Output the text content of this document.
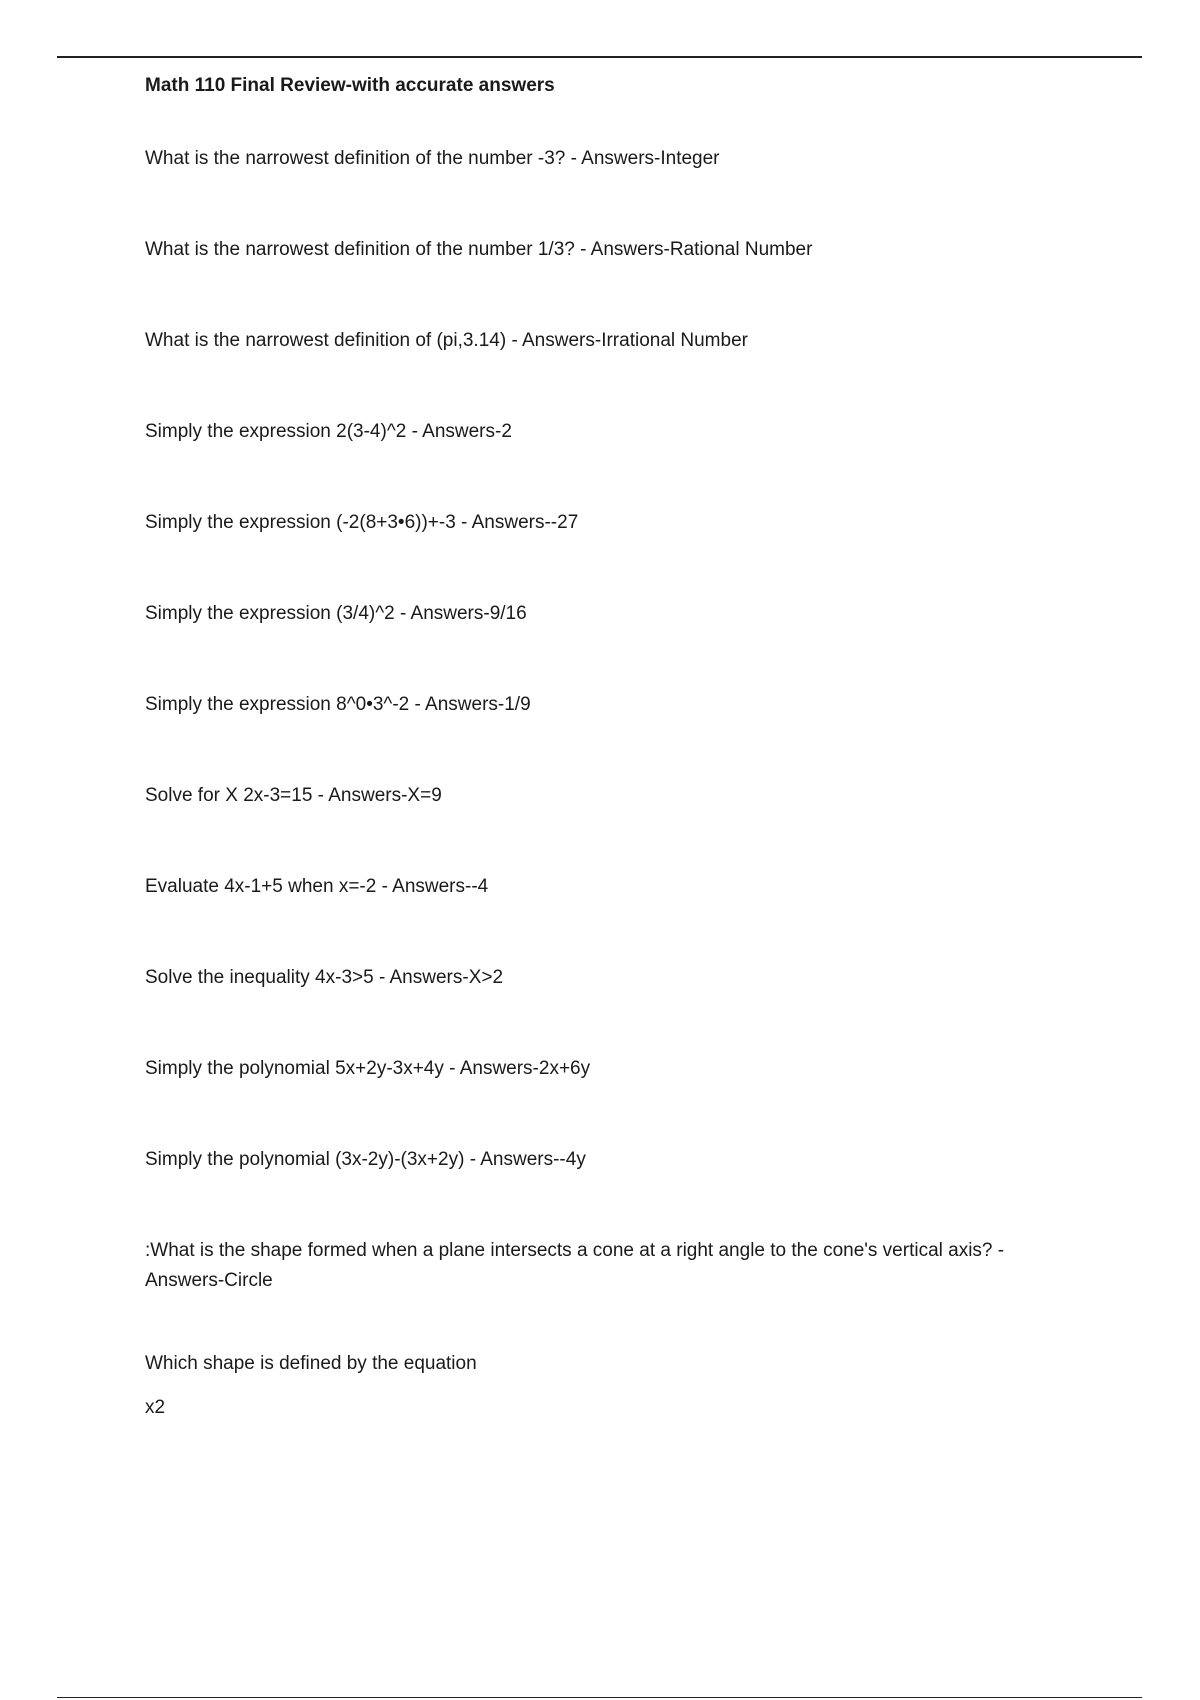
Math 110 Final Review-with accurate answers
What is the narrowest definition of the number -3? - Answers-Integer
What is the narrowest definition of the number 1/3? - Answers-Rational Number
What is the narrowest definition of (pi,3.14) - Answers-Irrational Number
Simply the expression 2(3-4)^2 - Answers-2
Simply the expression (-2(8+3•6))+-3 - Answers--27
Simply the expression (3/4)^2 - Answers-9/16
Simply the expression 8^0•3^-2 - Answers-1/9
Solve for X 2x-3=15 - Answers-X=9
Evaluate 4x-1+5 when x=-2 - Answers--4
Solve the inequality 4x-3>5 - Answers-X>2
Simply the polynomial 5x+2y-3x+4y - Answers-2x+6y
Simply the polynomial (3x-2y)-(3x+2y) - Answers--4y
:What is the shape formed when a plane intersects a cone at a right angle to the cone's vertical axis? - Answers-Circle
Which shape is defined by the equation
x2
